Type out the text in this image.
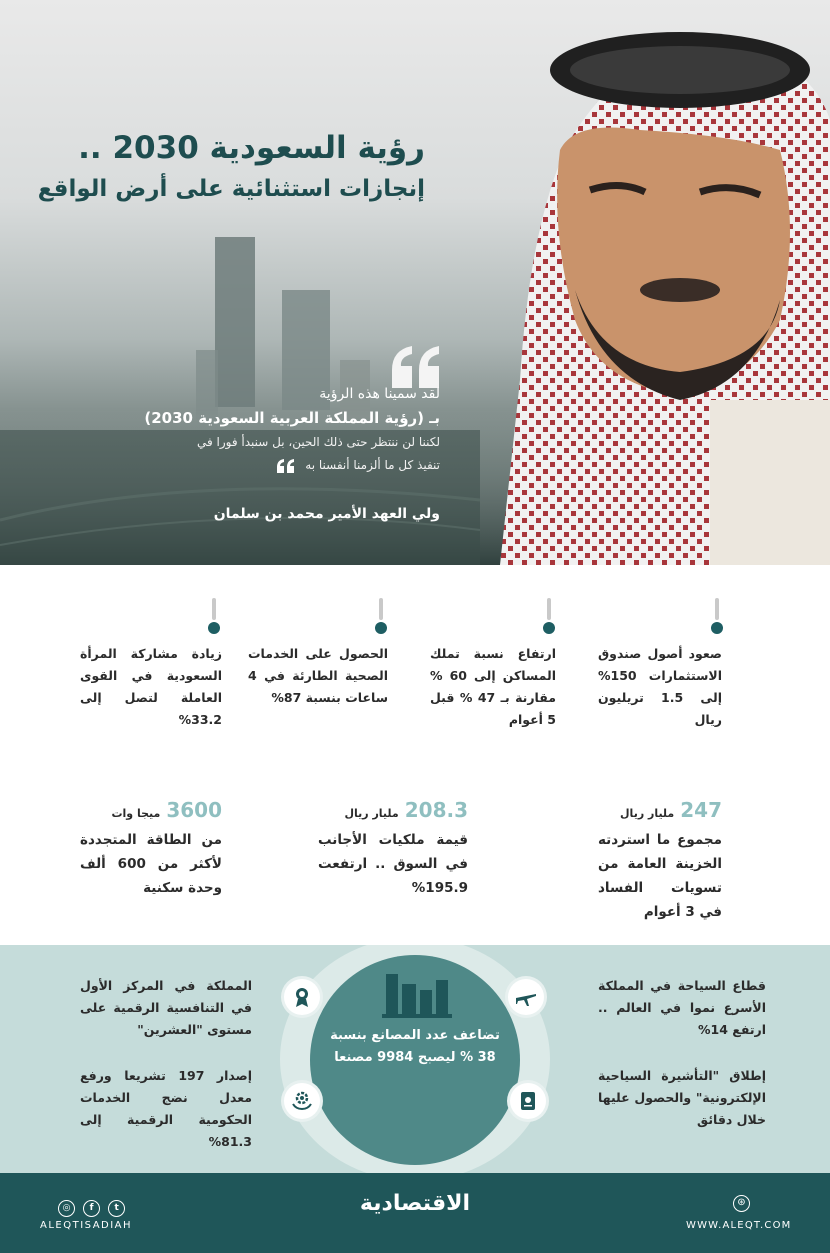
رؤية السعودية 2030 ..
إنجازات استثنائية على أرض الواقع
لقد سمينا هذه الرؤية
بـ (رؤية المملكة العربية السعودية 2030)
لكننا لن ننتظر حتى ذلك الحين، بل سنبدأ فورا في
تنفيذ كل ما ألزمنا أنفسنا به
ولي العهد الأمير محمد بن سلمان

صعود أصول صندوق الاستثمارات 150% إلى 1.5 تريليون ريال

ارتفاع نسبة تملك المساكن إلى 60 % مقارنة بـ 47 % قبل 5 أعوام

الحصول على الخدمات الصحية الطارئة في 4 ساعات بنسبة 87%

زيادة مشاركة المرأة السعودية في القوى العاملة لتصل إلى 33.2%

247مليار ريال
مجموع ما استردته الخزينة العامة من تسويات الفساد في 3 أعوام
208.3مليار ريال
قيمة ملكيات الأجانب في السوق .. ارتفعت 195.9%
3600ميجا وات
من الطاقة المتجددة لأكثر من 600 ألف وحدة سكنية
تضاعف عدد المصانع بنسبة 38 % ليصبح 9984 مصنعا
قطاع السياحة في المملكة الأسرع نموا في العالم .. ارتفع 14%
إطلاق "التأشيرة السياحية الإلكترونية" والحصول عليها خلال دقائق
المملكة في المركز الأول في التنافسية الرقمية على مستوى "العشرين"
إصدار 197 تشريعا ورفع معدل نضج الخدمات الحكومية الرقمية إلى 81.3%
◎ f t
ALEQTISADIAH
الاقتصادية	⊛
WWW.ALEQT.COM
